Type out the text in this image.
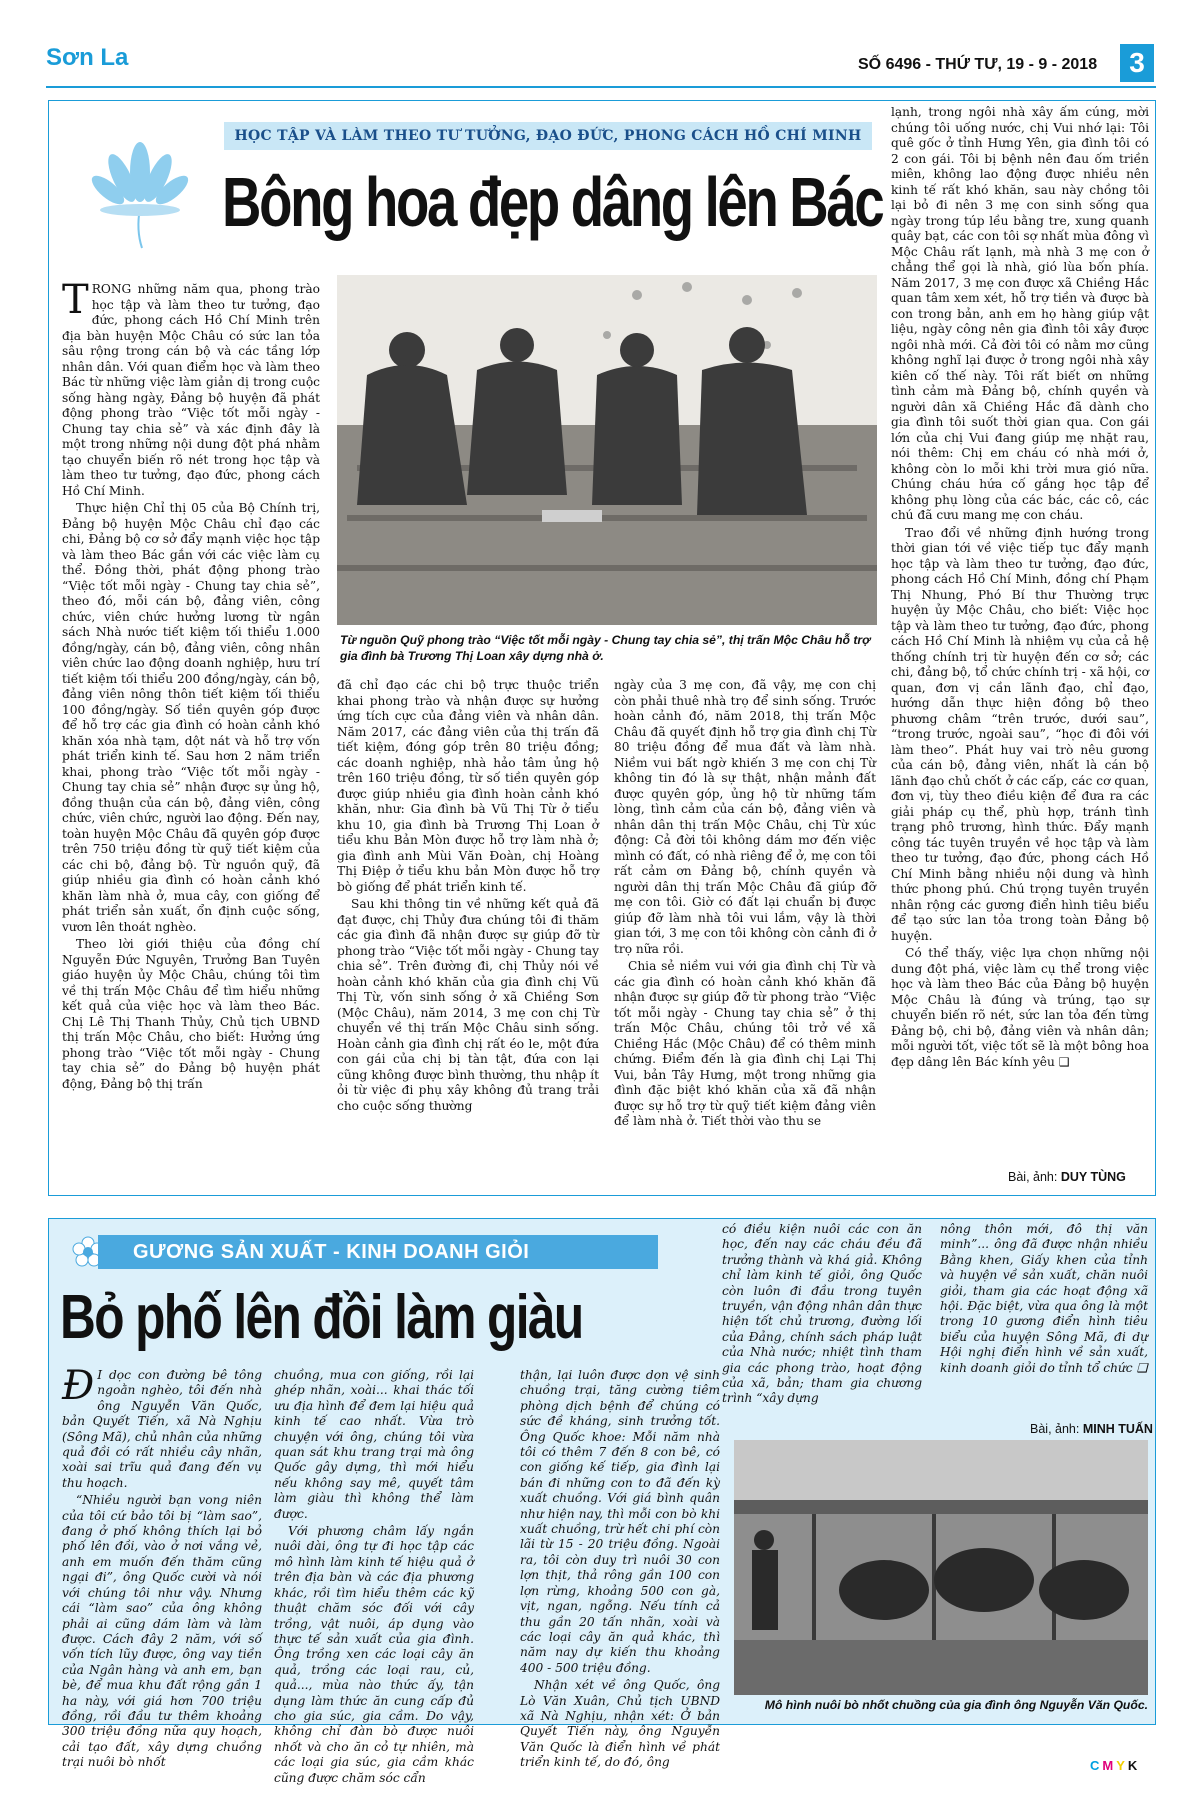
Sơn La	SỐ 6496 - THỨ TƯ, 19 - 9 - 2018	3
HỌC TẬP VÀ LÀM THEO TƯ TƯỞNG, ĐẠO ĐỨC, PHONG CÁCH HỒ CHÍ MINH
Bông hoa đẹp dâng lên Bác

TRONG những năm qua, phong trào học tập và làm theo tư tưởng, đạo đức, phong cách Hồ Chí Minh trên địa bàn huyện Mộc Châu có sức lan tỏa sâu rộng trong cán bộ và các tầng lớp nhân dân. Với quan điểm học và làm theo Bác từ những việc làm giản dị trong cuộc sống hàng ngày, Đảng bộ huyện đã phát động phong trào “Việc tốt mỗi ngày - Chung tay chia sẻ” và xác định đây là một trong những nội dung đột phá nhằm tạo chuyển biến rõ nét trong học tập và làm theo tư tưởng, đạo đức, phong cách Hồ Chí Minh.

Thực hiện Chỉ thị 05 của Bộ Chính trị, Đảng bộ huyện Mộc Châu chỉ đạo các chi, Đảng bộ cơ sở đẩy mạnh việc học tập và làm theo Bác gắn với các việc làm cụ thể. Đồng thời, phát động phong trào “Việc tốt mỗi ngày - Chung tay chia sẻ”, theo đó, mỗi cán bộ, đảng viên, công chức, viên chức hưởng lương từ ngân sách Nhà nước tiết kiệm tối thiểu 1.000 đồng/ngày, cán bộ, đảng viên, công nhân viên chức lao động doanh nghiệp, hưu trí tiết kiệm tối thiểu 200 đồng/ngày, cán bộ, đảng viên nông thôn tiết kiệm tối thiểu 100 đồng/ngày. Số tiền quyên góp được để hỗ trợ các gia đình có hoàn cảnh khó khăn xóa nhà tạm, dột nát và hỗ trợ vốn phát triển kinh tế. Sau hơn 2 năm triển khai, phong trào “Việc tốt mỗi ngày - Chung tay chia sẻ” nhận được sự ủng hộ, đồng thuận của cán bộ, đảng viên, công chức, viên chức, người lao động. Đến nay, toàn huyện Mộc Châu đã quyên góp được trên 750 triệu đồng từ quỹ tiết kiệm của các chi bộ, đảng bộ. Từ nguồn quỹ, đã giúp nhiều gia đình có hoàn cảnh khó khăn làm nhà ở, mua cây, con giống để phát triển sản xuất, ổn định cuộc sống, vươn lên thoát nghèo.

Theo lời giới thiệu của đồng chí Nguyễn Đức Nguyên, Trưởng Ban Tuyên giáo huyện ủy Mộc Châu, chúng tôi tìm về thị trấn Mộc Châu để tìm hiểu những kết quả của việc học và làm theo Bác. Chị Lê Thị Thanh Thủy, Chủ tịch UBND thị trấn Mộc Châu, cho biết: Hưởng ứng phong trào “Việc tốt mỗi ngày - Chung tay chia sẻ” do Đảng bộ huyện phát động, Đảng bộ thị trấn

Từ nguồn Quỹ phong trào “Việc tốt mỗi ngày - Chung tay chia sẻ”, thị trấn Mộc Châu hỗ trợ gia đình bà Trương Thị Loan xây dựng nhà ở.

đã chỉ đạo các chi bộ trực thuộc triển khai phong trào và nhận được sự hưởng ứng tích cực của đảng viên và nhân dân. Năm 2017, các đảng viên của thị trấn đã tiết kiệm, đóng góp trên 80 triệu đồng; các doanh nghiệp, nhà hảo tâm ủng hộ trên 160 triệu đồng, từ số tiền quyên góp được giúp nhiều gia đình hoàn cảnh khó khăn, như: Gia đình bà Vũ Thị Từ ở tiểu khu 10, gia đình bà Trương Thị Loan ở tiểu khu Bản Mòn được hỗ trợ làm nhà ở; gia đình anh Mùi Văn Đoàn, chị Hoàng Thị Điệp ở tiểu khu bản Mòn được hỗ trợ bò giống để phát triển kinh tế.

Sau khi thông tin về những kết quả đã đạt được, chị Thủy đưa chúng tôi đi thăm các gia đình đã nhận được sự giúp đỡ từ phong trào “Việc tốt mỗi ngày - Chung tay chia sẻ”. Trên đường đi, chị Thủy nói về hoàn cảnh khó khăn của gia đình chị Vũ Thị Từ, vốn sinh sống ở xã Chiềng Sơn (Mộc Châu), năm 2014, 3 mẹ con chị Từ chuyển về thị trấn Mộc Châu sinh sống. Hoàn cảnh gia đình chị rất éo le, một đứa con gái của chị bị tàn tật, đứa con lại cũng không được bình thường, thu nhập ít ỏi từ việc đi phụ xây không đủ trang trải cho cuộc sống thường

ngày của 3 mẹ con, đã vậy, mẹ con chị còn phải thuê nhà trọ để sinh sống. Trước hoàn cảnh đó, năm 2018, thị trấn Mộc Châu đã quyết định hỗ trợ gia đình chị Từ 80 triệu đồng để mua đất và làm nhà. Niềm vui bất ngờ khiến 3 mẹ con chị Từ không tin đó là sự thật, nhận mảnh đất được quyên góp, ủng hộ từ những tấm lòng, tình cảm của cán bộ, đảng viên và nhân dân thị trấn Mộc Châu, chị Từ xúc động: Cả đời tôi không dám mơ đến việc mình có đất, có nhà riêng để ở, mẹ con tôi rất cảm ơn Đảng bộ, chính quyền và người dân thị trấn Mộc Châu đã giúp đỡ mẹ con tôi. Giờ có đất lại chuẩn bị được giúp đỡ làm nhà tôi vui lắm, vậy là thời gian tới, 3 mẹ con tôi không còn cảnh đi ở trọ nữa rồi.

Chia sẻ niềm vui với gia đình chị Từ và các gia đình có hoàn cảnh khó khăn đã nhận được sự giúp đỡ từ phong trào “Việc tốt mỗi ngày - Chung tay chia sẻ” ở thị trấn Mộc Châu, chúng tôi trở về xã Chiềng Hắc (Mộc Châu) để có thêm minh chứng. Điểm đến là gia đình chị Lại Thị Vui, bản Tây Hưng, một trong những gia đình đặc biệt khó khăn của xã đã nhận được sự hỗ trợ từ quỹ tiết kiệm đảng viên để làm nhà ở. Tiết thời vào thu se

lạnh, trong ngôi nhà xây ấm cúng, mời chúng tôi uống nước, chị Vui nhớ lại: Tôi quê gốc ở tỉnh Hưng Yên, gia đình tôi có 2 con gái. Tôi bị bệnh nên đau ốm triền miên, không lao động được nhiều nên kinh tế rất khó khăn, sau này chồng tôi lại bỏ đi nên 3 mẹ con sinh sống qua ngày trong túp lều bằng tre, xung quanh quây bạt, các con tôi sợ nhất mùa đông vì Mộc Châu rất lạnh, mà nhà 3 mẹ con ở chẳng thể gọi là nhà, gió lùa bốn phía. Năm 2017, 3 mẹ con được xã Chiềng Hắc quan tâm xem xét, hỗ trợ tiền và được bà con trong bản, anh em họ hàng giúp vật liệu, ngày công nên gia đình tôi xây được ngôi nhà mới. Cả đời tôi có nằm mơ cũng không nghĩ lại được ở trong ngôi nhà xây kiên cố thế này. Tôi rất biết ơn những tình cảm mà Đảng bộ, chính quyền và người dân xã Chiềng Hắc đã dành cho gia đình tôi suốt thời gian qua. Con gái lớn của chị Vui đang giúp mẹ nhặt rau, nói thêm: Chị em cháu có nhà mới ở, không còn lo mỗi khi trời mưa gió nữa. Chúng cháu hứa cố gắng học tập để không phụ lòng của các bác, các cô, các chú đã cưu mang mẹ con cháu.

Trao đổi về những định hướng trong thời gian tới về việc tiếp tục đẩy mạnh học tập và làm theo tư tưởng, đạo đức, phong cách Hồ Chí Minh, đồng chí Phạm Thị Nhung, Phó Bí thư Thường trực huyện ủy Mộc Châu, cho biết: Việc học tập và làm theo tư tưởng, đạo đức, phong cách Hồ Chí Minh là nhiệm vụ của cả hệ thống chính trị từ huyện đến cơ sở; các chi, đảng bộ, tổ chức chính trị - xã hội, cơ quan, đơn vị cần lãnh đạo, chỉ đạo, hướng dẫn thực hiện đồng bộ theo phương châm “trên trước, dưới sau”, “trong trước, ngoài sau”, “học đi đôi với làm theo”. Phát huy vai trò nêu gương của cán bộ, đảng viên, nhất là cán bộ lãnh đạo chủ chốt ở các cấp, các cơ quan, đơn vị, tùy theo điều kiện để đưa ra các giải pháp cụ thể, phù hợp, tránh tình trạng phô trương, hình thức. Đẩy mạnh công tác tuyên truyền về học tập và làm theo tư tưởng, đạo đức, phong cách Hồ Chí Minh bằng nhiều nội dung và hình thức phong phú. Chú trọng tuyên truyền nhân rộng các gương điển hình tiêu biểu để tạo sức lan tỏa trong toàn Đảng bộ huyện.

Có thể thấy, việc lựa chọn những nội dung đột phá, việc làm cụ thể trong việc học và làm theo Bác của Đảng bộ huyện Mộc Châu là đúng và trúng, tạo sự chuyển biến rõ nét, sức lan tỏa đến từng Đảng bộ, chi bộ, đảng viên và nhân dân; mỗi người tốt, việc tốt sẽ là một bông hoa đẹp dâng lên Bác kính yêu ❑

Bài, ảnh: DUY TÙNG
GƯƠNG SẢN XUẤT - KINH DOANH GIỎI
Bỏ phố lên đồi làm giàu

Đ I dọc con đường bê tông ngoằn nghèo, tôi đến nhà ông Nguyễn Văn Quốc, bản Quyết Tiến, xã Nà Nghịu (Sông Mã), chủ nhân của những quả đồi có rất nhiều cây nhãn, xoài sai trĩu quả đang đến vụ thu hoạch.

“Nhiều người bạn vong niên của tôi cứ bảo tôi bị “làm sao”, đang ở phố không thích lại bỏ phố lên đồi, vào ở nơi vắng vẻ, anh em muốn đến thăm cũng ngại đi”, ông Quốc cười và nói với chúng tôi như vậy. Nhưng cái “làm sao” của ông không phải ai cũng dám làm và làm được. Cách đây 2 năm, với số vốn tích lũy được, ông vay tiền của Ngân hàng và anh em, bạn bè, để mua khu đất rộng gần 1 ha này, với giá hơn 700 triệu đồng, rồi đầu tư thêm khoảng 300 triệu đồng nữa quy hoạch, cải tạo đất, xây dựng chuồng trại nuôi bò nhốt

chuồng, mua con giống, rồi lại ghép nhãn, xoài... khai thác tối ưu địa hình để đem lại hiệu quả kinh tế cao nhất. Vừa trò chuyện với ông, chúng tôi vừa quan sát khu trang trại mà ông Quốc gây dựng, thì mới hiểu nếu không say mê, quyết tâm làm giàu thì không thể làm được.

Với phương châm lấy ngắn nuôi dài, ông tự đi học tập các mô hình làm kinh tế hiệu quả ở trên địa bàn và các địa phương khác, rồi tìm hiểu thêm các kỹ thuật chăm sóc đối với cây trồng, vật nuôi, áp dụng vào thực tế sản xuất của gia đình. Ông trồng xen các loại cây ăn quả, trồng các loại rau, củ, quả..., mùa nào thức ấy, tận dụng làm thức ăn cung cấp đủ cho gia súc, gia cầm. Do vậy, không chỉ đàn bò được nuôi nhốt và cho ăn cỏ tự nhiên, mà các loại gia súc, gia cầm khác cũng được chăm sóc cẩn

thận, lại luôn được dọn vệ sinh chuồng trại, tăng cường tiêm phòng dịch bệnh để chúng có sức đề kháng, sinh trưởng tốt. Ông Quốc khoe: Mỗi năm nhà tôi có thêm 7 đến 8 con bê, có con giống kế tiếp, gia đình lại bán đi những con to đã đến kỳ xuất chuồng. Với giá bình quân như hiện nay, thì mỗi con bò khi xuất chuồng, trừ hết chi phí còn lãi từ 15 - 20 triệu đồng. Ngoài ra, tôi còn duy trì nuôi 30 con lợn thịt, thả rông gần 100 con lợn rừng, khoảng 500 con gà, vịt, ngan, ngỗng. Nếu tính cả thu gần 20 tấn nhãn, xoài và các loại cây ăn quả khác, thì năm nay dự kiến thu khoảng 400 - 500 triệu đồng.

Nhận xét về ông Quốc, ông Lò Văn Xuân, Chủ tịch UBND xã Nà Nghịu, nhận xét: Ở bản Quyết Tiến này, ông Nguyễn Văn Quốc là điển hình về phát triển kinh tế, do đó, ông

có điều kiện nuôi các con ăn học, đến nay các cháu đều đã trưởng thành và khá giả. Không chỉ làm kinh tế giỏi, ông Quốc còn luôn đi đầu trong tuyên truyền, vận động nhân dân thực hiện tốt chủ trương, đường lối của Đảng, chính sách pháp luật của Nhà nước; nhiệt tình tham gia các phong trào, hoạt động của xã, bản; tham gia chương trình “xây dựng

nông thôn mới, đô thị văn minh”... ông đã được nhận nhiều Bằng khen, Giấy khen của tỉnh và huyện về sản xuất, chăn nuôi giỏi, tham gia các hoạt động xã hội. Đặc biệt, vừa qua ông là một trong 10 gương điển hình tiêu biểu của huyện Sông Mã, đi dự Hội nghị điển hình về sản xuất, kinh doanh giỏi do tỉnh tổ chức ❑

Bài, ảnh: MINH TUẤN
Mô hình nuôi bò nhốt chuồng của gia đình ông Nguyễn Văn Quốc.
CMYK
